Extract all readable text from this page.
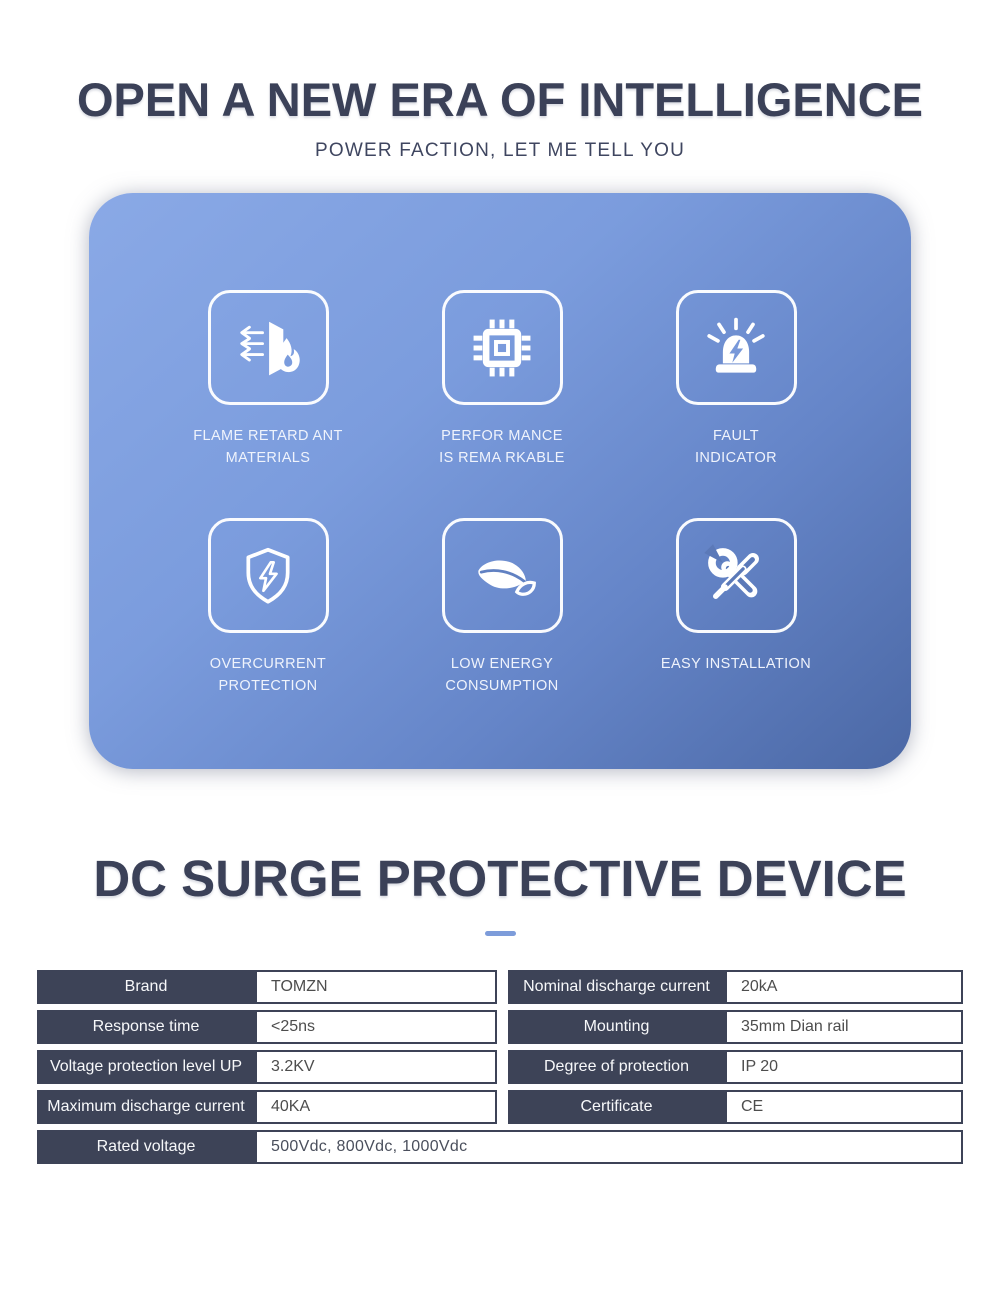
OPEN A NEW ERA OF INTELLIGENCE
POWER FACTION, LET ME TELL YOU
FLAME RETARD ANT
MATERIALS
PERFOR MANCE
IS REMA RKABLE
FAULT
INDICATOR
OVERCURRENT
PROTECTION
LOW ENERGY
CONSUMPTION
EASY INSTALLATION
DC SURGE PROTECTIVE DEVICE
Brand	TOMZN
Response time	<25ns
Voltage protection level UP	3.2KV
Maximum discharge current	40KA
Nominal discharge current	20kA
Mounting	35mm Dian rail
Degree of protection	IP 20
Certificate	CE
Rated voltage	500Vdc, 800Vdc, 1000Vdc
